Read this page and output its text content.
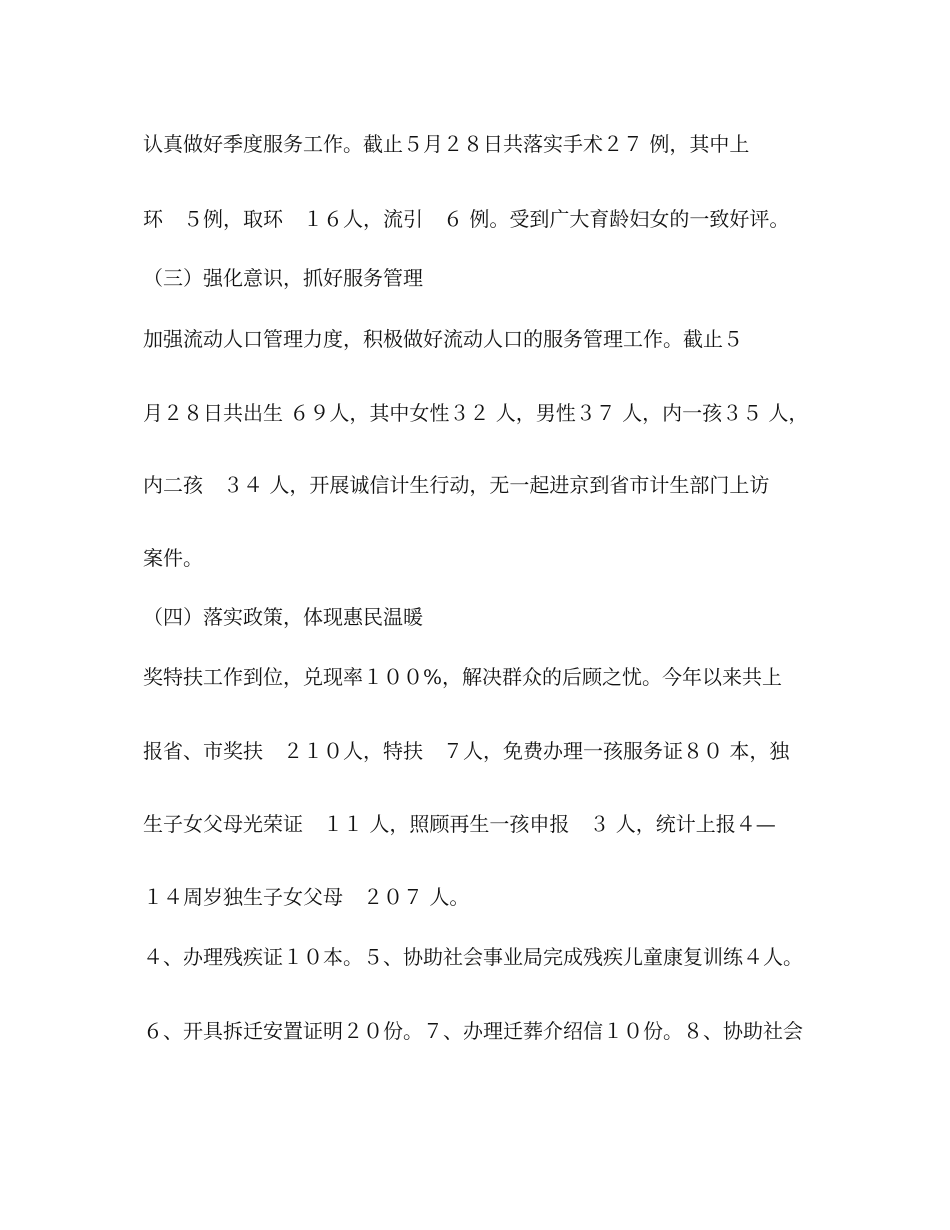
认真做好季度服务工作。截止５月２８日共落实手术２７ 例，其中上

环　５例，取环　１６人，流引　６ 例。受到广大育龄妇女的一致好评。

（三）强化意识，抓好服务管理

加强流动人口管理力度，积极做好流动人口的服务管理工作。截止５

月２８日共出生 ６９人，其中女性３２ 人，男性３７ 人，内一孩３５ 人，

内二孩　３４ 人，开展诚信计生行动，无一起进京到省市计生部门上访

案件。

（四）落实政策，体现惠民温暖

奖特扶工作到位，兑现率１００%，解决群众的后顾之忧。今年以来共上

报省、市奖扶　２１０人，特扶　７人，免费办理一孩服务证８０ 本，独

生子女父母光荣证　１１ 人，照顾再生一孩申报　３ 人，统计上报４—

１４周岁独生子女父母　２０７ 人。

４、办理残疾证１０本。５、协助社会事业局完成残疾儿童康复训练４人。

６、开具拆迁安置证明２０份。７、办理迁葬介绍信１０份。８、协助社会
